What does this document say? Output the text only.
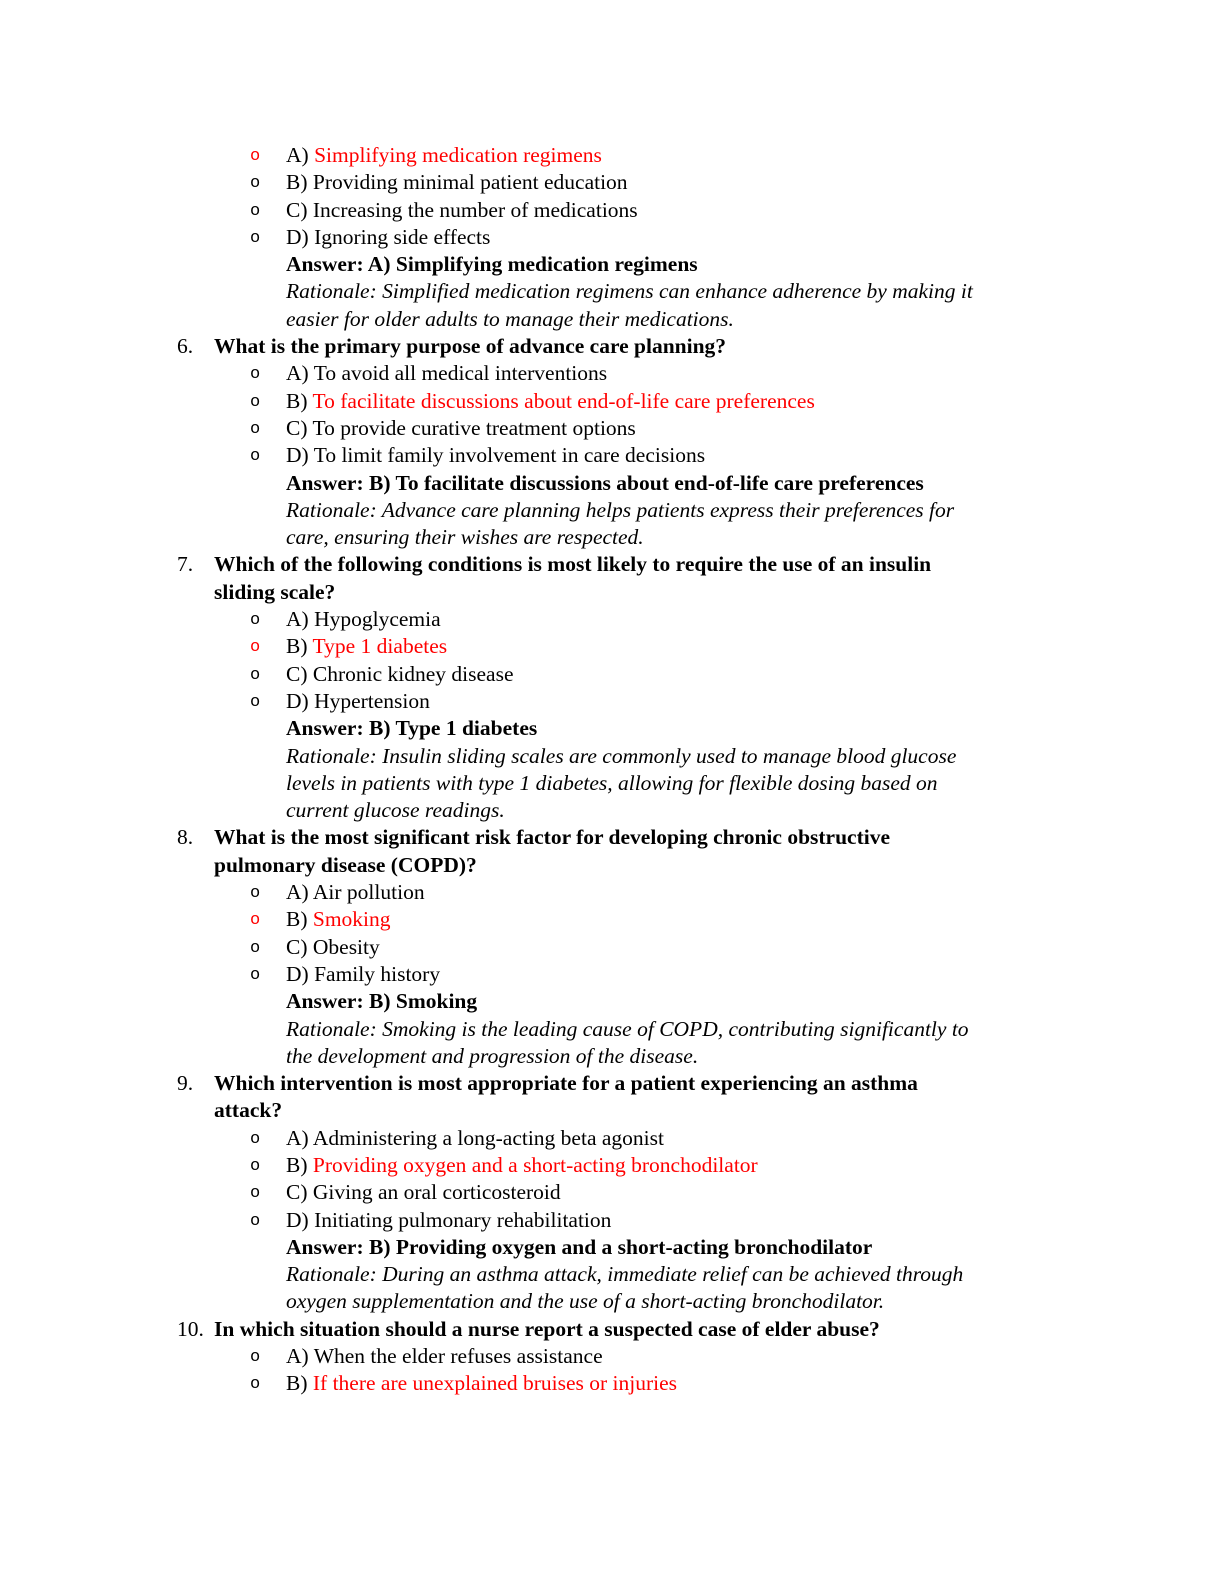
o A) Simplifying medication regimens
o B) Providing minimal patient education
o C) Increasing the number of medications
o D) Ignoring side effects
Answer: A) Simplifying medication regimens
Rationale: Simplified medication regimens can enhance adherence by making it
easier for older adults to manage their medications.
6. What is the primary purpose of advance care planning?
o A) To avoid all medical interventions
o B) To facilitate discussions about end-of-life care preferences
o C) To provide curative treatment options
o D) To limit family involvement in care decisions
Answer: B) To facilitate discussions about end-of-life care preferences
Rationale: Advance care planning helps patients express their preferences for
care, ensuring their wishes are respected.
7. Which of the following conditions is most likely to require the use of an insulin
sliding scale?
o A) Hypoglycemia
o B) Type 1 diabetes
o C) Chronic kidney disease
o D) Hypertension
Answer: B) Type 1 diabetes
Rationale: Insulin sliding scales are commonly used to manage blood glucose
levels in patients with type 1 diabetes, allowing for flexible dosing based on
current glucose readings.
8. What is the most significant risk factor for developing chronic obstructive
pulmonary disease (COPD)?
o A) Air pollution
o B) Smoking
o C) Obesity
o D) Family history
Answer: B) Smoking
Rationale: Smoking is the leading cause of COPD, contributing significantly to
the development and progression of the disease.
9. Which intervention is most appropriate for a patient experiencing an asthma
attack?
o A) Administering a long-acting beta agonist
o B) Providing oxygen and a short-acting bronchodilator
o C) Giving an oral corticosteroid
o D) Initiating pulmonary rehabilitation
Answer: B) Providing oxygen and a short-acting bronchodilator
Rationale: During an asthma attack, immediate relief can be achieved through
oxygen supplementation and the use of a short-acting bronchodilator.
10. In which situation should a nurse report a suspected case of elder abuse?
o A) When the elder refuses assistance
o B) If there are unexplained bruises or injuries
